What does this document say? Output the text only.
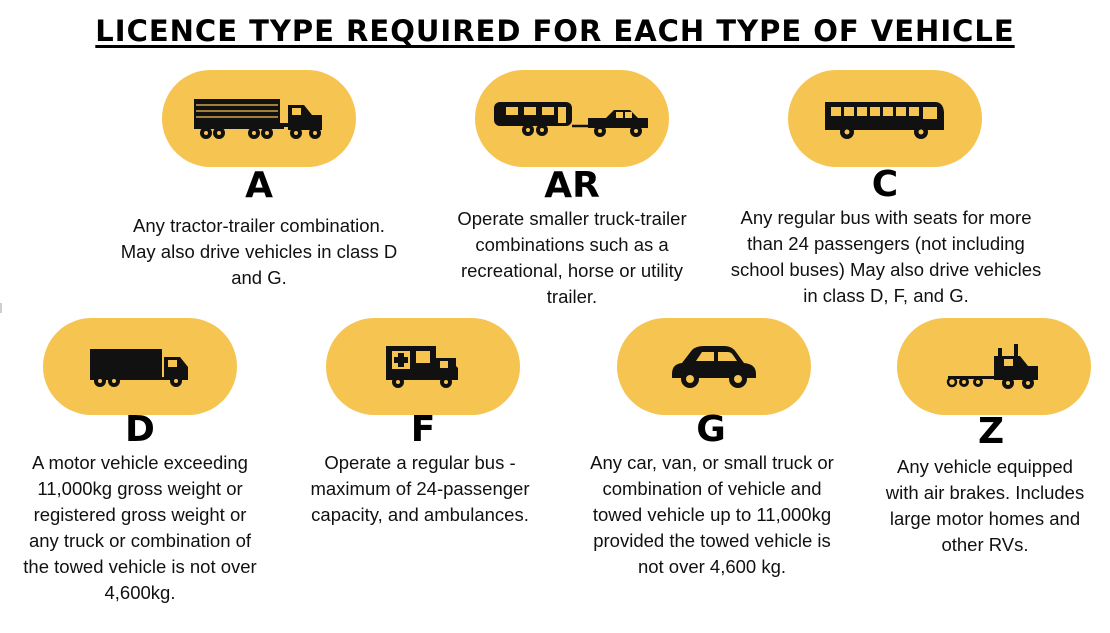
LICENCE TYPE REQUIRED FOR EACH TYPE OF VEHICLE
A
Any tractor-trailer combination. May also drive vehicles in class D and G.
AR
Operate smaller truck-trailer combinations such as a recreational, horse or utility trailer.
C
Any regular bus with seats for more than 24 passengers (not including school buses) May also drive vehicles in class D, F, and G.
D
A motor vehicle exceeding 11,000kg gross weight or registered gross weight or any truck or combination of the towed vehicle is not over 4,600kg.
F
Operate a regular bus - maximum of 24-passenger capacity, and ambulances.
G
Any car, van, or small truck or combination of vehicle and towed vehicle up to 11,000kg provided the towed vehicle is not over 4,600 kg.
Z
Any vehicle equipped with air brakes. Includes large motor homes and other RVs.
